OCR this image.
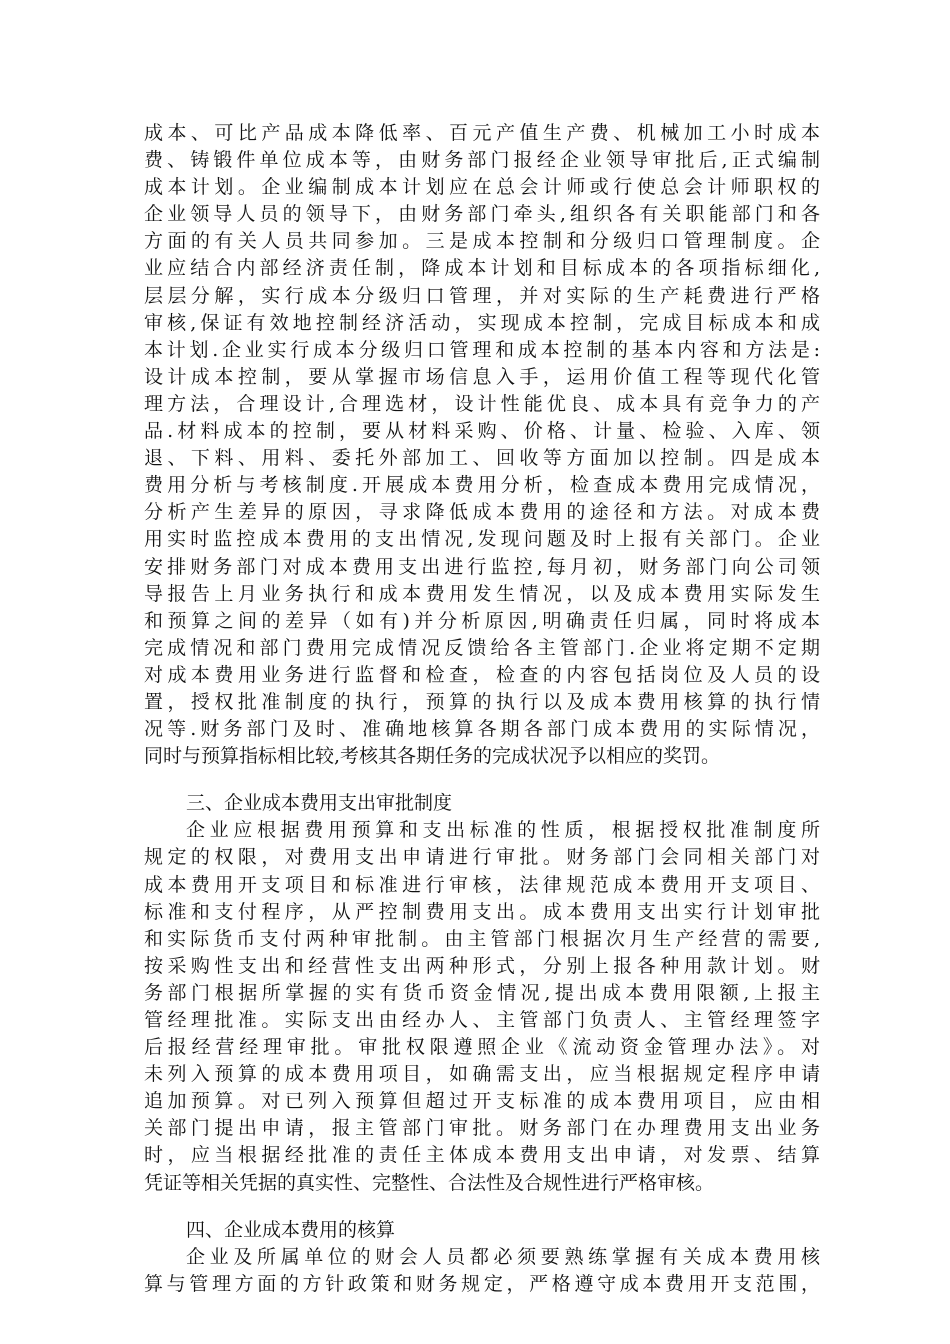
成本、可比产品成本降低率、百元产值生产费、机械加工小时成本
费、铸锻件单位成本等，由财务部门报经企业领导审批后,正式编制
成本计划。企业编制成本计划应在总会计师或行使总会计师职权的
企业领导人员的领导下，由财务部门牵头,组织各有关职能部门和各
方面的有关人员共同参加。三是成本控制和分级归口管理制度。企
业应结合内部经济责任制，降成本计划和目标成本的各项指标细化,
层层分解，实行成本分级归口管理，并对实际的生产耗费进行严格
审核,保证有效地控制经济活动，实现成本控制，完成目标成本和成
本计划.企业实行成本分级归口管理和成本控制的基本内容和方法是:
设计成本控制，要从掌握市场信息入手，运用价值工程等现代化管
理方法，合理设计,合理选材，设计性能优良、成本具有竞争力的产
品.材料成本的控制，要从材料采购、价格、计量、检验、入库、领
退、下料、用料、委托外部加工、回收等方面加以控制。四是成本
费用分析与考核制度.开展成本费用分析，检查成本费用完成情况，
分析产生差异的原因，寻求降低成本费用的途径和方法。对成本费
用实时监控成本费用的支出情况,发现问题及时上报有关部门。企业
安排财务部门对成本费用支出进行监控,每月初，财务部门向公司领
导报告上月业务执行和成本费用发生情况，以及成本费用实际发生
和预算之间的差异（如有)并分析原因,明确责任归属，同时将成本
完成情况和部门费用完成情况反馈给各主管部门.企业将定期不定期
对成本费用业务进行监督和检查，检查的内容包括岗位及人员的设
置，授权批准制度的执行，预算的执行以及成本费用核算的执行情
况等.财务部门及时、准确地核算各期各部门成本费用的实际情况，
同时与预算指标相比较,考核其各期任务的完成状况予以相应的奖罚。
三、企业成本费用支出审批制度
企业应根据费用预算和支出标准的性质，根据授权批准制度所
规定的权限，对费用支出申请进行审批。财务部门会同相关部门对
成本费用开支项目和标准进行审核，法律规范成本费用开支项目、
标准和支付程序，从严控制费用支出。成本费用支出实行计划审批
和实际货币支付两种审批制。由主管部门根据次月生产经营的需要,
按采购性支出和经营性支出两种形式，分别上报各种用款计划。财
务部门根据所掌握的实有货币资金情况,提出成本费用限额,上报主
管经理批准。实际支出由经办人、主管部门负责人、主管经理签字
后报经营经理审批。审批权限遵照企业《流动资金管理办法》。对
未列入预算的成本费用项目，如确需支出，应当根据规定程序申请
追加预算。对已列入预算但超过开支标准的成本费用项目，应由相
关部门提出申请，报主管部门审批。财务部门在办理费用支出业务
时，应当根据经批准的责任主体成本费用支出申请，对发票、结算
凭证等相关凭据的真实性、完整性、合法性及合规性进行严格审核。
四、企业成本费用的核算
企业及所属单位的财会人员都必须要熟练掌握有关成本费用核
算与管理方面的方针政策和财务规定，严格遵守成本费用开支范围，
